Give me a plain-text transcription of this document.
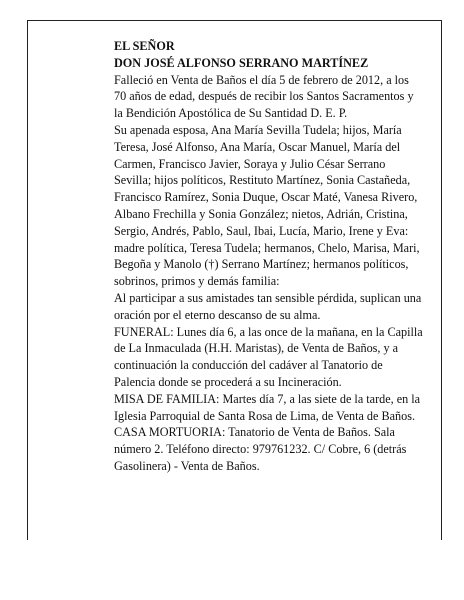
EL SEÑOR

DON JOSÉ ALFONSO SERRANO MARTÍNEZ

Falleció en Venta de Baños el día 5 de febrero de 2012, a los 70 años de edad, después de recibir los Santos Sacramentos y la Bendición Apostólica de Su Santidad D. E. P.

Su apenada esposa, Ana María Sevilla Tudela; hijos, María Teresa, José Alfonso, Ana María, Oscar Manuel, María del Carmen, Francisco Javier, Soraya y Julio César Serrano Sevilla; hijos políticos, Restituto Martínez, Sonia Castañeda, Francisco Ramírez, Sonia Duque, Oscar Maté, Vanesa Rivero, Albano Frechilla y Sonia González; nietos, Adrián, Cristina, Sergio, Andrés, Pablo, Saul, Ibai, Lucía, Mario, Irene y Eva: madre política, Teresa Tudela; hermanos, Chelo, Marisa, Mari, Begoña y Manolo (†) Serrano Martínez; hermanos políticos, sobrinos, primos y demás familia:

Al participar a sus amistades tan sensible pérdida, suplican una oración por el eterno descanso de su alma.

FUNERAL: Lunes día 6, a las once de la mañana, en la Capilla de La Inmaculada (H.H. Maristas), de Venta de Baños, y a continuación la conducción del cadáver al Tanatorio de Palencia donde se procederá a su Incineración.

MISA DE FAMILIA: Martes día 7, a las siete de la tarde, en la Iglesia Parroquial de Santa Rosa de Lima, de Venta de Baños.

CASA MORTUORIA: Tanatorio de Venta de Baños. Sala número 2. Teléfono directo: 979761232. C/ Cobre, 6 (detrás Gasolinera) - Venta de Baños.
